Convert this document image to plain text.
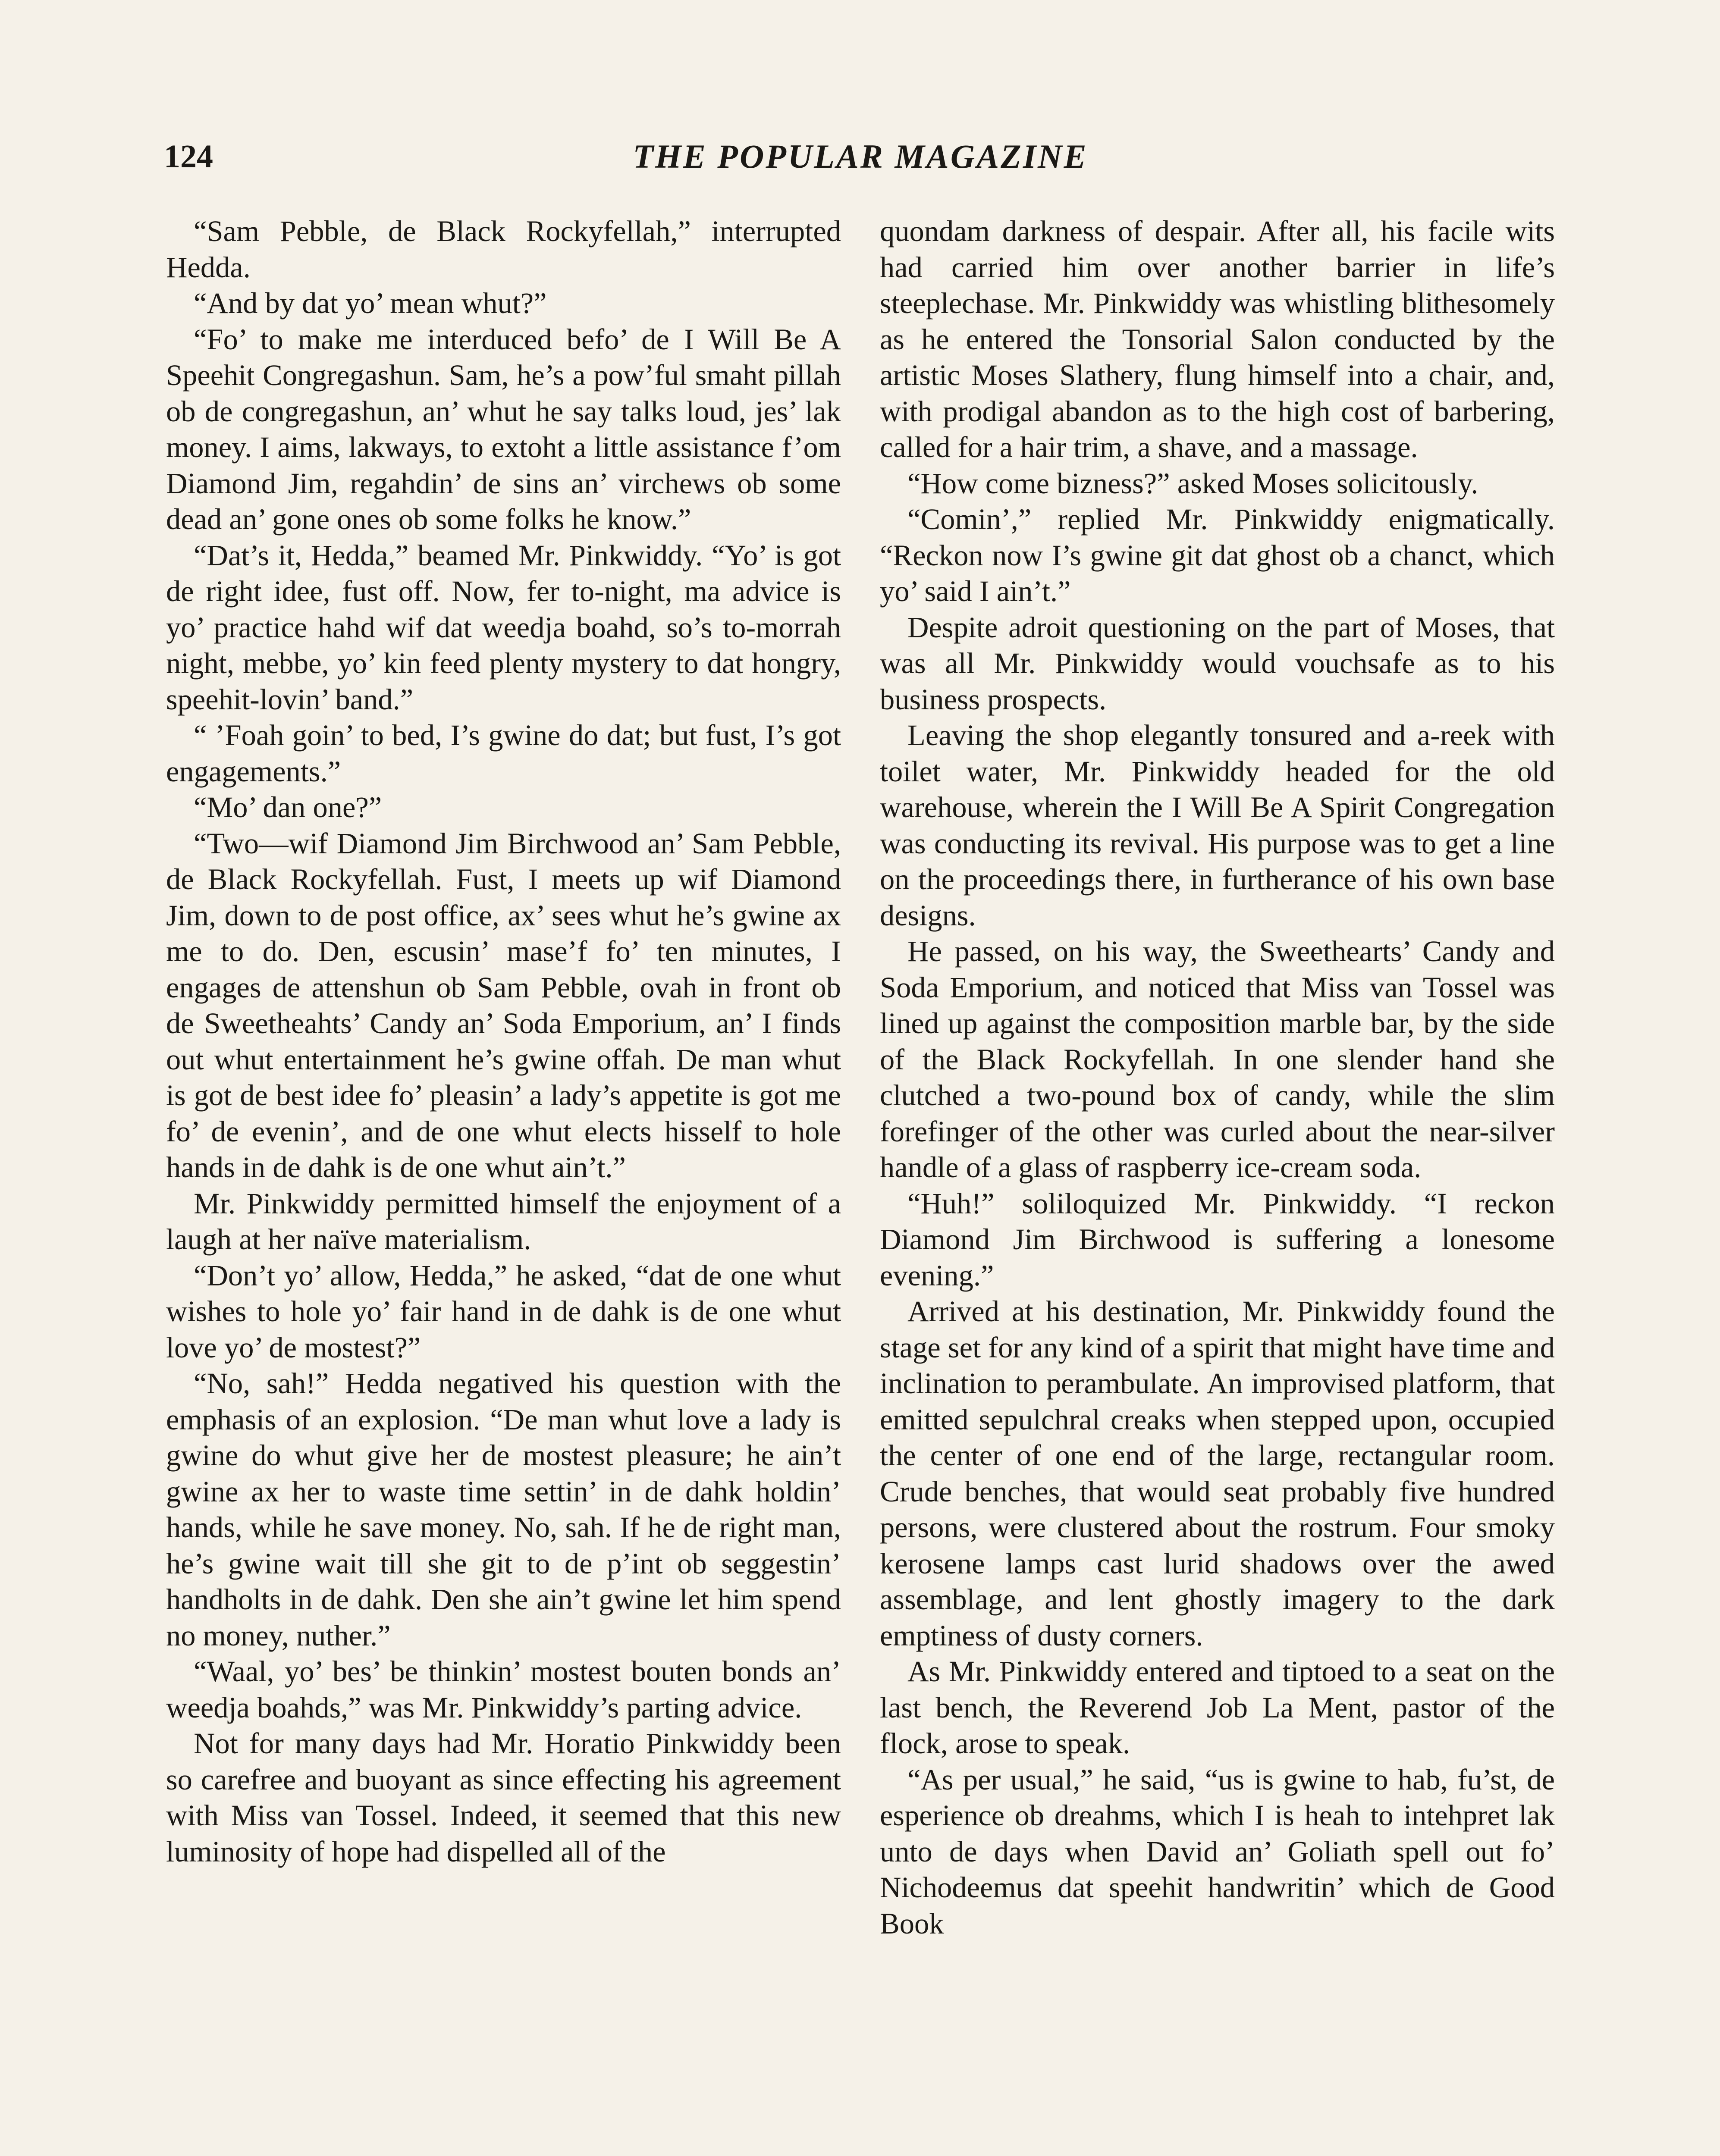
124	THE POPULAR MAGAZINE

“Sam Pebble, de Black Rockyfellah,” interrupted Hedda.

“And by dat yo’ mean whut?”

“Fo’ to make me interduced befo’ de I Will Be A Speehit Congregashun. Sam, he’s a pow’ful smaht pillah ob de congregashun, an’ whut he say talks loud, jes’ lak money. I aims, lakways, to extoht a little assistance f’om Diamond Jim, regahdin’ de sins an’ virchews ob some dead an’ gone ones ob some folks he know.”

“Dat’s it, Hedda,” beamed Mr. Pinkwiddy. “Yo’ is got de right idee, fust off. Now, fer to-night, ma advice is yo’ practice hahd wif dat weedja boahd, so’s to-morrah night, mebbe, yo’ kin feed plenty mystery to dat hongry, speehit-lovin’ band.”

“ ’Foah goin’ to bed, I’s gwine do dat; but fust, I’s got engagements.”

“Mo’ dan one?”

“Two—wif Diamond Jim Birchwood an’ Sam Pebble, de Black Rockyfellah. Fust, I meets up wif Diamond Jim, down to de post office, ax’ sees whut he’s gwine ax me to do. Den, escusin’ mase’f fo’ ten minutes, I engages de attenshun ob Sam Pebble, ovah in front ob de Sweetheahts’ Candy an’ Soda Emporium, an’ I finds out whut entertainment he’s gwine offah. De man whut is got de best idee fo’ pleasin’ a lady’s appetite is got me fo’ de evenin’, and de one whut elects hisself to hole hands in de dahk is de one whut ain’t.”

Mr. Pinkwiddy permitted himself the enjoyment of a laugh at her naïve materialism.

“Don’t yo’ allow, Hedda,” he asked, “dat de one whut wishes to hole yo’ fair hand in de dahk is de one whut love yo’ de mostest?”

“No, sah!” Hedda negatived his question with the emphasis of an explosion. “De man whut love a lady is gwine do whut give her de mostest pleasure; he ain’t gwine ax her to waste time settin’ in de dahk holdin’ hands, while he save money. No, sah. If he de right man, he’s gwine wait till she git to de p’int ob seggestin’ handholts in de dahk. Den she ain’t gwine let him spend no money, nuther.”

“Waal, yo’ bes’ be thinkin’ mostest bouten bonds an’ weedja boahds,” was Mr. Pinkwiddy’s parting advice.

Not for many days had Mr. Horatio Pinkwiddy been so carefree and buoyant as since effecting his agreement with Miss van Tossel. Indeed, it seemed that this new luminosity of hope had dispelled all of the

quondam darkness of despair. After all, his facile wits had carried him over another barrier in life’s steeplechase. Mr. Pinkwiddy was whistling blithesomely as he entered the Tonsorial Salon conducted by the artistic Moses Slathery, flung himself into a chair, and, with prodigal abandon as to the high cost of barbering, called for a hair trim, a shave, and a massage.

“How come bizness?” asked Moses solicitously.

“Comin’,” replied Mr. Pinkwiddy enigmatically. “Reckon now I’s gwine git dat ghost ob a chanct, which yo’ said I ain’t.”

Despite adroit questioning on the part of Moses, that was all Mr. Pinkwiddy would vouchsafe as to his business prospects.

Leaving the shop elegantly tonsured and a-reek with toilet water, Mr. Pinkwiddy headed for the old warehouse, wherein the I Will Be A Spirit Congregation was conducting its revival. His purpose was to get a line on the proceedings there, in furtherance of his own base designs.

He passed, on his way, the Sweethearts’ Candy and Soda Emporium, and noticed that Miss van Tossel was lined up against the composition marble bar, by the side of the Black Rockyfellah. In one slender hand she clutched a two-pound box of candy, while the slim forefinger of the other was curled about the near-silver handle of a glass of raspberry ice-cream soda.

“Huh!” soliloquized Mr. Pinkwiddy. “I reckon Diamond Jim Birchwood is suffering a lonesome evening.”

Arrived at his destination, Mr. Pinkwiddy found the stage set for any kind of a spirit that might have time and inclination to perambulate. An improvised platform, that emitted sepulchral creaks when stepped upon, occupied the center of one end of the large, rectangular room. Crude benches, that would seat probably five hundred persons, were clustered about the rostrum. Four smoky kerosene lamps cast lurid shadows over the awed assemblage, and lent ghostly imagery to the dark emptiness of dusty corners.

As Mr. Pinkwiddy entered and tiptoed to a seat on the last bench, the Reverend Job La Ment, pastor of the flock, arose to speak.

“As per usual,” he said, “us is gwine to hab, fu’st, de esperience ob dreahms, which I is heah to intehpret lak unto de days when David an’ Goliath spell out fo’ Nichodeemus dat speehit handwritin’ which de Good Book
